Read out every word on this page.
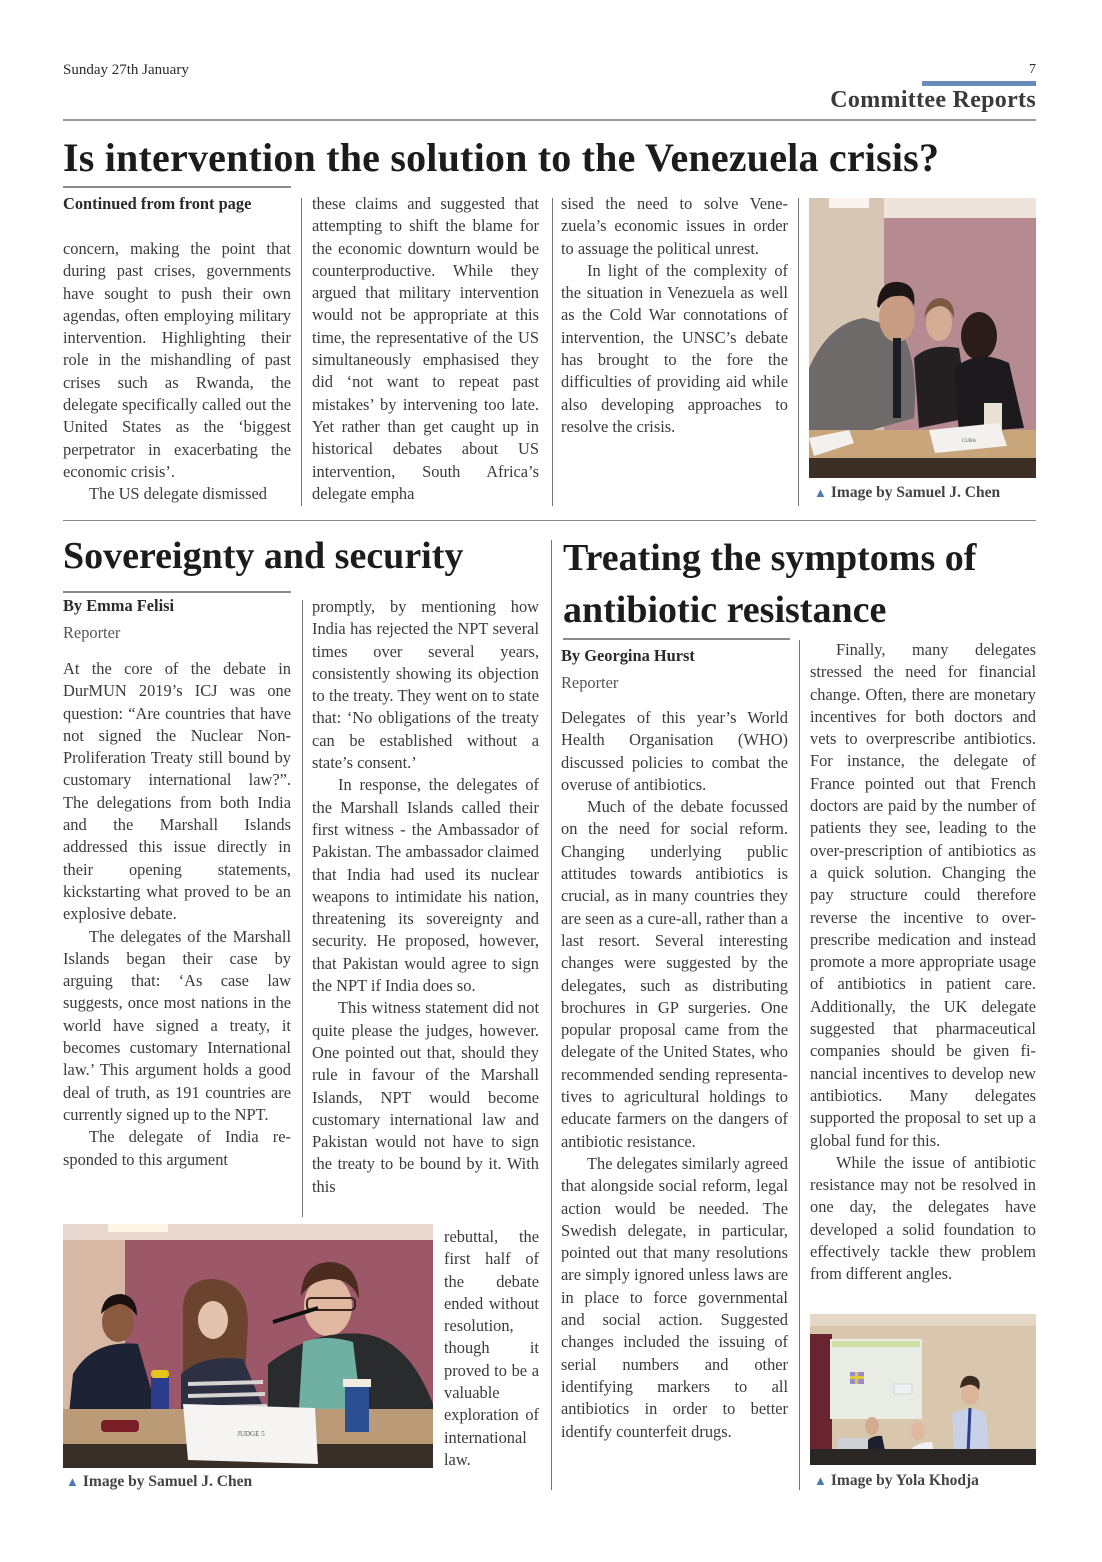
Sunday 27th January	7
Committee Reports
Is intervention the solution to the Venezuela crisis?
Continued from front page

concern, making the point that during past crises, governments have sought to push their own agendas, often employing military intervention. Highlighting their role in the mishandling of past crises such as Rwanda, the delegate specifically called out the United States as the ‘biggest perpetrator in exacerbating the economic crisis’.

The US delegate dismissed

these claims and suggested that attempting to shift the blame for the economic downturn would be counterproductive. While they argued that military intervention would not be appropriate at this time, the representative of the US simultaneously emphasised they did ‘not want to repeat past mistakes’ by intervening too late. Yet rather than get caught up in historical debates about US intervention, South Africa’s delegate empha

sised the need to solve Venezuela’s economic issues in order to assuage the political unrest.

In light of the complexity of the situation in Venezuela as well as the Cold War connotations of intervention, the UNSC’s debate has brought to the fore the difficulties of providing aid while also developing approaches to resolve the crisis.

CUBA
▲ Image by Samuel J. Chen
Sovereignty and security
By Emma Felisi
Reporter

At the core of the debate in DurMUN 2019’s ICJ was one question: “Are countries that have not signed the Nuclear Non-Proliferation Treaty still bound by customary international law?”. The delegations from both India and the Marshall Islands addressed this issue directly in their opening statements, kickstarting what proved to be an explosive debate.

The delegates of the Marshall Islands began their case by arguing that: ‘As case law suggests, once most nations in the world have signed a treaty, it becomes customary International law.’ This argument holds a good deal of truth, as 191 countries are currently signed up to the NPT.

The delegate of India responded to this argument

promptly, by mentioning how India has rejected the NPT several times over several years, consistently showing its objection to the treaty. They went on to state that: ‘No obligations of the treaty can be established without a state’s consent.’

In response, the delegates of the Marshall Islands called their first witness - the Ambassador of Pakistan. The ambassador claimed that India had used its nuclear weapons to intimidate his nation, threatening its sovereignty and security. He proposed, however, that Pakistan would agree to sign the NPT if India does so.

This witness statement did not quite please the judges, however. One pointed out that, should they rule in favour of the Marshall Islands, NPT would become customary international law and Pakistan would not have to sign the treaty to be bound by it. With this

JUDGE 5
▲ Image by Samuel J. Chen

rebuttal, the first half of the debate ended without resolution, though it proved to be a valuable exploration of international law.

Treating the symptoms of
antibiotic resistance
By Georgina Hurst
Reporter

Delegates of this year’s World Health Organisation (WHO) discussed policies to combat the overuse of antibiotics.

Much of the debate focussed on the need for social reform. Changing underlying public attitudes towards antibiotics is crucial, as in many countries they are seen as a cure-all, rather than a last resort. Several interesting changes were suggested by the delegates, such as distributing brochures in GP surgeries. One popular proposal came from the delegate of the United States, who recommended sending representatives to agricultural holdings to educate farmers on the dangers of antibiotic resistance.

The delegates similarly agreed that alongside social reform, legal action would be needed. The Swedish delegate, in particular, pointed out that many resolutions are simply ignored unless laws are in place to force governmental and social action. Suggested changes included the issuing of serial numbers and other identifying markers to all antibiotics in order to better identify counterfeit drugs.

Finally, many delegates stressed the need for financial change. Often, there are monetary incentives for both doctors and vets to overprescribe antibiotics. For instance, the delegate of France pointed out that French doctors are paid by the number of patients they see, leading to the over-prescription of antibiotics as a quick solution. Changing the pay structure could therefore reverse the incentive to over-prescribe medication and instead promote a more appropriate usage of antibiotics in patient care. Additionally, the UK delegate suggested that pharmaceutical companies should be given financial incentives to develop new antibiotics. Many delegates supported the proposal to set up a global fund for this.

While the issue of antibiotic resistance may not be resolved in one day, the delegates have developed a solid foundation to effectively tackle thew problem from different angles.

▲ Image by Yola Khodja
